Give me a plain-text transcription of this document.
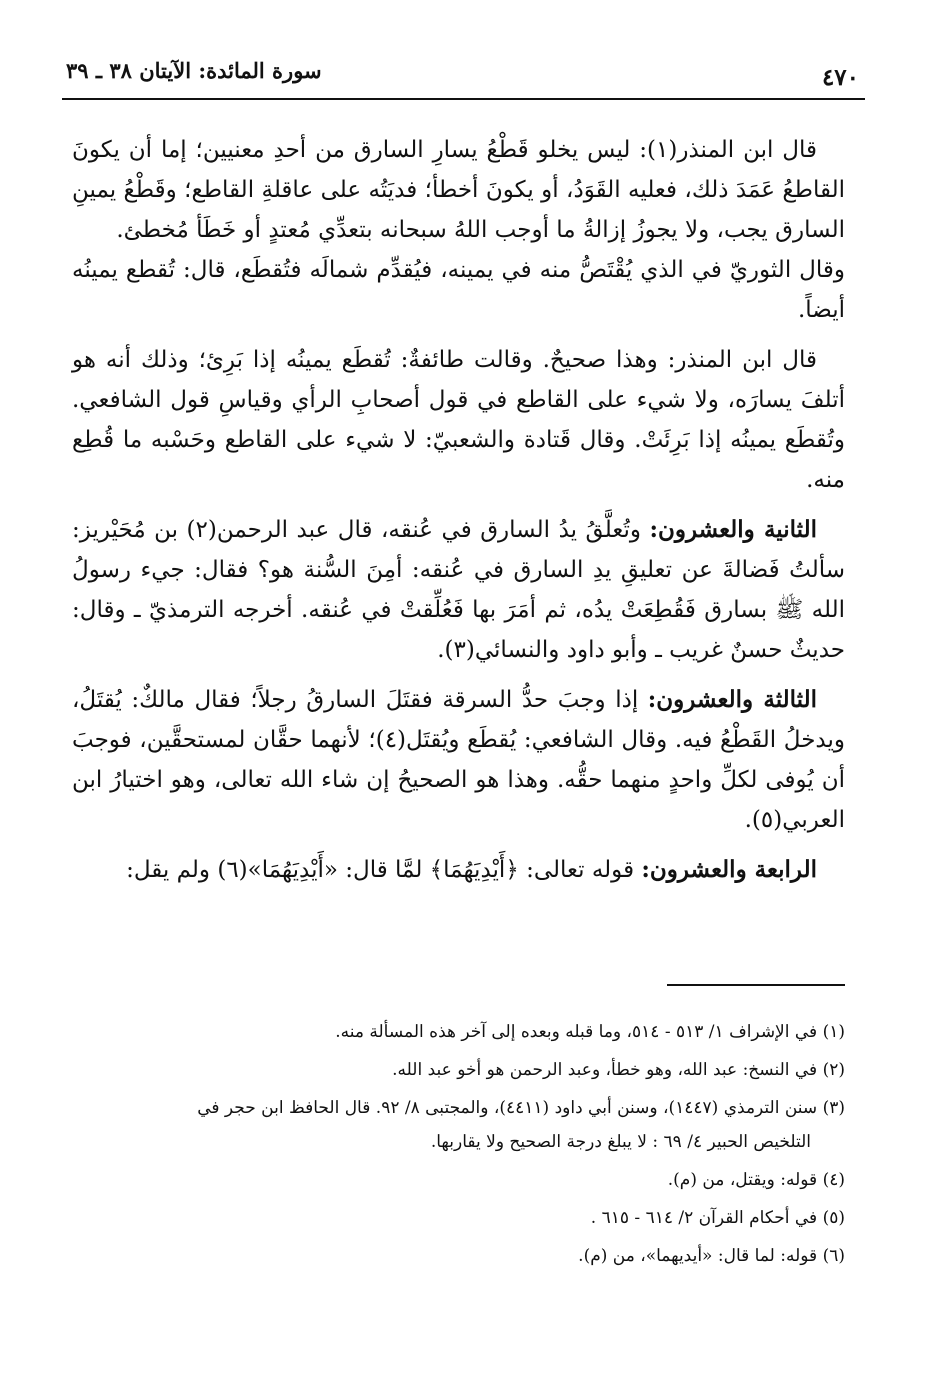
سورة المائدة: الآيتان ٣٨ ـ ٣٩	٤٧٠

قال ابن المنذر(١): ليس يخلو قَطْعُ يسارِ السارق من أحدِ معنيين؛ إما أن يكونَ القاطعُ عَمَدَ ذلك، فعليه القَوَدُ، أو يكونَ أخطأ؛ فديَتُه على عاقلةِ القاطع؛ وقَطْعُ يمينِ السارق يجب، ولا يجوزُ إزالةُ ما أوجب اللهُ سبحانه بتعدِّي مُعتدٍ أو خَطَأ مُخطئ.

وقال الثوريّ في الذي يُقْتَصُّ منه في يمينه، فيُقدِّم شمالَه فتُقطَع، قال: تُقطع يمينُه أيضاً.

قال ابن المنذر: وهذا صحيحٌ. وقالت طائفةٌ: تُقطَع يمينُه إذا بَرِئ؛ وذلك أنه هو أتلفَ يسارَه، ولا شيء على القاطع في قول أصحابِ الرأي وقياسِ قول الشافعي. وتُقطَع يمينُه إذا بَرِئَتْ. وقال قَتادة والشعبيّ: لا شيء على القاطع وحَسْبه ما قُطِع منه.

الثانية والعشرون: وتُعلَّقُ يدُ السارق في عُنقه، قال عبد الرحمن(٢) بن مُحَيْريز: سألتُ فَضالةَ عن تعليقِ يدِ السارق في عُنقه: أمِنَ السُّنة هو؟ فقال: جيء رسولُ الله ﷺ بسارق فَقُطِعَتْ يدُه، ثم أمَرَ بها فَعُلِّقتْ في عُنقه. أخرجه الترمذيّ ـ وقال: حديثٌ حسنٌ غريب ـ وأبو داود والنسائي(٣).

الثالثة والعشرون: إذا وجبَ حدُّ السرقة فقتَلَ السارقُ رجلاً؛ فقال مالكٌ: يُقتَلُ، ويدخلُ القَطْعُ فيه. وقال الشافعي: يُقطَع ويُقتَل(٤)؛ لأنهما حقَّان لمستحقَّين، فوجبَ أن يُوفى لكلِّ واحدٍ منهما حقُّه. وهذا هو الصحيحُ إن شاء الله تعالى، وهو اختيارُ ابن العربي(٥).

الرابعة والعشرون: قوله تعالى: ﴿أَيْدِيَهُمَا﴾ لمَّا قال: «أَيْدِيَهُمَا»(٦) ولم يقل:

(١) في الإشراف ١/ ٥١٣ - ٥١٤، وما قبله وبعده إلى آخر هذه المسألة منه.

(٢) في النسخ: عبد الله، وهو خطأ، وعبد الرحمن هو أخو عبد الله.

(٣) سنن الترمذي (١٤٤٧)، وسنن أبي داود (٤٤١١)، والمجتبى ٨/ ٩٢. قال الحافظ ابن حجر في

التلخيص الحبير ٤/ ٦٩ : لا يبلغ درجة الصحيح ولا يقاربها.

(٤) قوله: ويقتل، من (م).

(٥) في أحكام القرآن ٢/ ٦١٤ - ٦١٥ .

(٦) قوله: لما قال: «أيديهما»، من (م).
